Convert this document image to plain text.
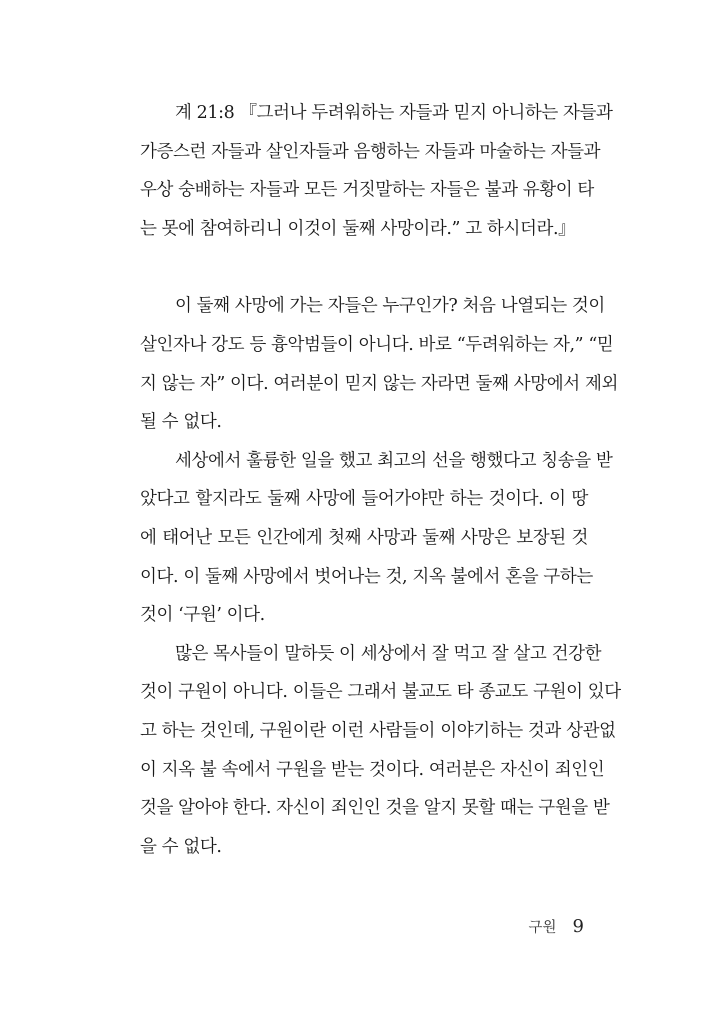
계 21:8 『그러나 두려워하는 자들과 믿지 아니하는 자들과
가증스런 자들과 살인자들과 음행하는 자들과 마술하는 자들과
우상 숭배하는 자들과 모든 거짓말하는 자들은 불과 유황이 타
는 못에 참여하리니 이것이 둘째 사망이라.” 고 하시더라.』
이 둘째 사망에 가는 자들은 누구인가? 처음 나열되는 것이
살인자나 강도 등 흉악범들이 아니다. 바로 “두려워하는 자,” “믿
지 않는 자” 이다. 여러분이 믿지 않는 자라면 둘째 사망에서 제외
될 수 없다.
세상에서 훌륭한 일을 했고 최고의 선을 행했다고 칭송을 받
았다고 할지라도 둘째 사망에 들어가야만 하는 것이다. 이 땅
에 태어난 모든 인간에게 첫째 사망과 둘째 사망은 보장된 것
이다. 이 둘째 사망에서 벗어나는 것, 지옥 불에서 혼을 구하는
것이 ‘구원’ 이다.
많은 목사들이 말하듯 이 세상에서 잘 먹고 잘 살고 건강한
것이 구원이 아니다. 이들은 그래서 불교도 타 종교도 구원이 있다
고 하는 것인데, 구원이란 이런 사람들이 이야기하는 것과 상관없
이 지옥 불 속에서 구원을 받는 것이다. 여러분은 자신이 죄인인
것을 알아야 한다. 자신이 죄인인 것을 알지 못할 때는 구원을 받
을 수 없다.
구원 9
